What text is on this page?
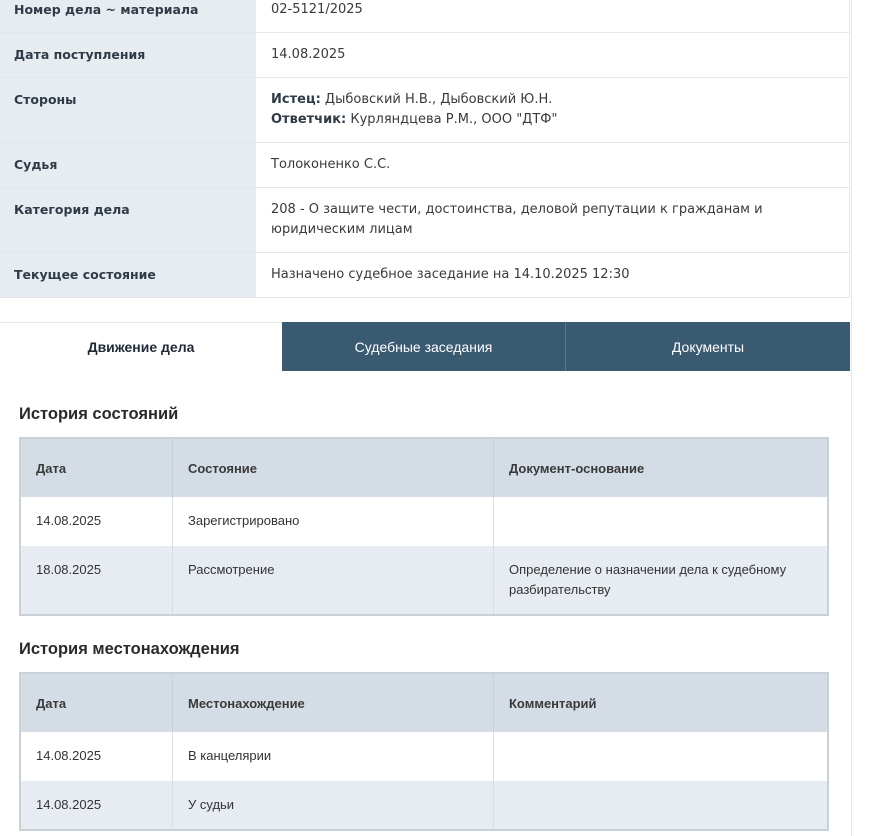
Номер дела ~ материала	02-5121/2025

Дата поступления	14.08.2025

Стороны	Истец: Дыбовский Н.В., Дыбовский Ю.Н.
Ответчик: Курляндцева Р.М., ООО "ДТФ"

Судья	Толоконенко С.С.

Категория дела	208 - О защите чести, достоинства, деловой репутации к гражданам и юридическим лицам

Текущее состояние	Назначено судебное заседание на 14.10.2025 12:30
Движение дела	Судебные заседания	Документы
История состояний
Дата	Состояние	Документ-основание
14.08.2025	Зарегистрировано	
18.08.2025	Рассмотрение	Определение о назначении дела к судебному разбирательству
История местонахождения
Дата	Местонахождение	Комментарий
14.08.2025	В канцелярии	
14.08.2025	У судьи	
